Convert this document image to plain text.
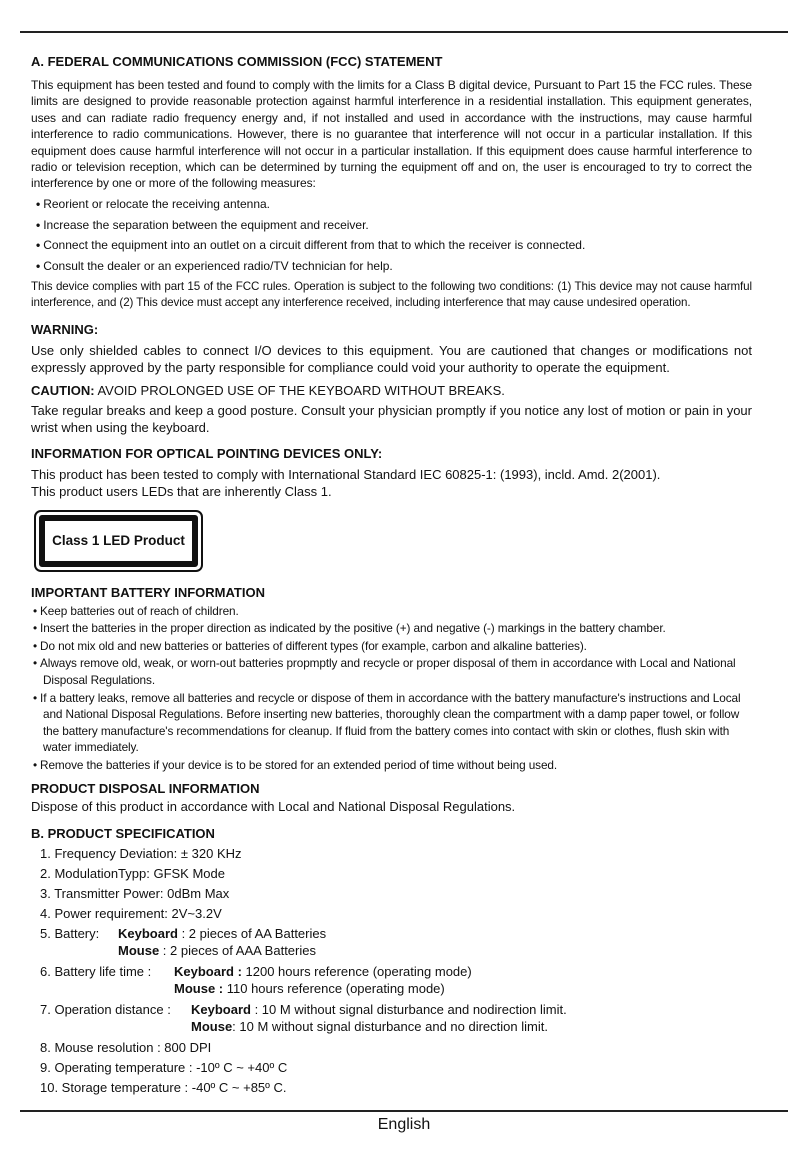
A. FEDERAL COMMUNICATIONS COMMISSION (FCC) STATEMENT

This equipment has been tested and found to comply with the limits for a Class B digital device, Pursuant to Part 15 the FCC rules. These limits are designed to provide reasonable protection against harmful interference in a residential installation. This equipment generates, uses and can radiate radio frequency energy and, if not installed and used in accordance with the instructions, may cause harmful interference to radio communications. However, there is no guarantee that interference will not occur in a particular installation. If this equipment does cause harmful interference will not occur in a particular installation. If this equipment does cause harmful interference to radio or television reception, which can be determined by turning the equipment off and on, the user is encouraged to try to correct the interference by one or more of the following measures:

• Reorient or relocate the receiving antenna.

• Increase the separation between the equipment and receiver.

• Connect the equipment into an outlet on a circuit different from that to which the receiver is connected.

• Consult the dealer or an experienced radio/TV technician for help.

This device complies with part 15 of the FCC rules. Operation is subject to the following two conditions: (1) This device may not cause harmful interference, and (2) This device must accept any interference received, including interference that may cause undesired operation.

WARNING:

Use only shielded cables to connect I/O devices to this equipment. You are cautioned that changes or modifications not expressly approved by the party responsible for compliance could void your authority to operate the equipment.

CAUTION: AVOID PROLONGED USE OF THE KEYBOARD WITHOUT BREAKS.

Take regular breaks and keep a good posture. Consult your physician promptly if you notice any lost of motion or pain in your wrist when using the keyboard.

INFORMATION FOR OPTICAL POINTING DEVICES ONLY:

This product has been tested to comply with International Standard IEC 60825-1: (1993), incld. Amd. 2(2001).

This product users LEDs that are inherently Class 1.

Class 1 LED Product
IMPORTANT BATTERY INFORMATION

• Keep batteries out of reach of children.

• Insert the batteries in the proper direction as indicated by the positive (+) and negative (-) markings in the battery chamber.

• Do not mix old and new batteries or batteries of different types (for example, carbon and alkaline batteries).

• Always remove old, weak, or worn-out batteries propmptly and recycle or proper disposal of them in accordance with Local and National Disposal Regulations.

• If a battery leaks, remove all batteries and recycle or dispose of them in accordance with the battery manufacture's instructions and Local and National Disposal Regulations. Before inserting new batteries, thoroughly clean the compartment with a damp paper towel, or follow the battery manufacture's recommendations for cleanup. If fluid from the battery comes into contact with skin or clothes, flush skin with water immediately.

• Remove the batteries if your device is to be stored for an extended period of time without being used.

PRODUCT DISPOSAL INFORMATION

Dispose of this product in accordance with Local and National Disposal Regulations.

B. PRODUCT SPECIFICATION

1. Frequency Deviation: ± 320 KHz

2. ModulationTypp: GFSK Mode

3. Transmitter Power: 0dBm Max

4. Power requirement: 2V~3.2V

5. Battery:	Keyboard : 2 pieces of AA Batteries

Mouse : 2 pieces of AAA Batteries

6. Battery life time :	Keyboard : 1200 hours reference (operating mode)

Mouse : 110 hours reference (operating mode)

7. Operation distance :	Keyboard : 10 M without signal disturbance and nodirection limit.

Mouse: 10 M without signal disturbance and no direction limit.

8. Mouse resolution : 800 DPI

9. Operating temperature : -10º C ~ +40º C

10. Storage temperature : -40º C ~ +85º C.

English
